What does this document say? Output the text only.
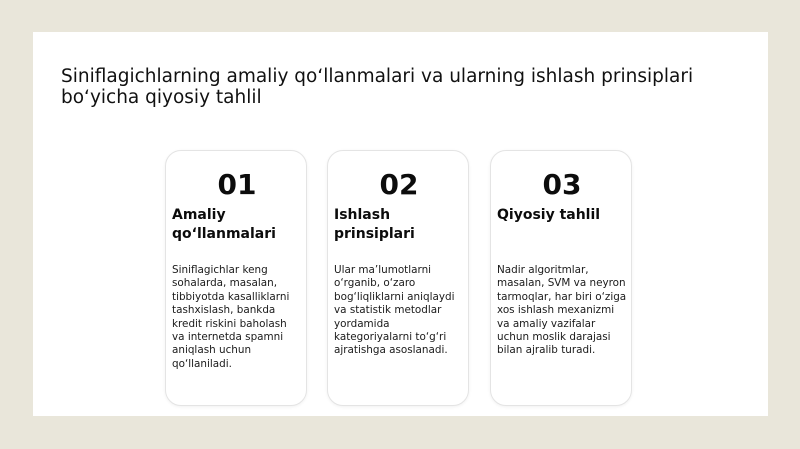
Siniflagichlarning amaliy qo‘llanmalari va ularning ishlash prinsiplari bo‘yicha qiyosiy tahlil
01
Amaliy qo‘llanmalari

Siniflagichlar keng sohalarda, masalan, tibbiyotda kasalliklarni tashxislash, bankda kredit riskini baholash va internetda spamni aniqlash uchun qo‘llaniladi.

02
Ishlash prinsiplari

Ular ma’lumotlarni o‘rganib, o‘zaro bog‘liqliklarni aniqlaydi va statistik metodlar yordamida kategoriyalarni to‘g‘ri ajratishga asoslanadi.

03
Qiyosiy tahlil

Nadir algoritmlar, masalan, SVM va neyron tarmoqlar, har biri o‘ziga xos ishlash mexanizmi va amaliy vazifalar uchun moslik darajasi bilan ajralib turadi.
